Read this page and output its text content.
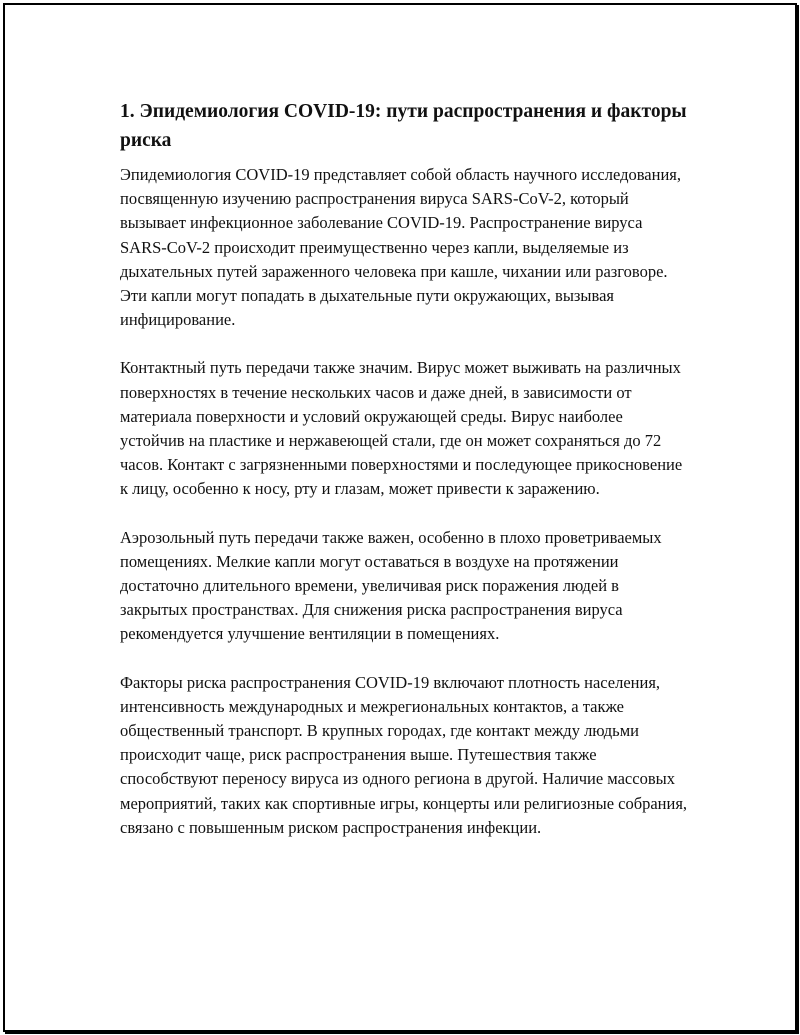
1. Эпидемиология COVID-19: пути распространения и факторы риска

Эпидемиология COVID-19 представляет собой область научного исследования, посвященную изучению распространения вируса SARS-CoV-2, который вызывает инфекционное заболевание COVID-19. Распространение вируса SARS-CoV-2 происходит преимущественно через капли, выделяемые из дыхательных путей зараженного человека при кашле, чихании или разговоре. Эти капли могут попадать в дыхательные пути окружающих, вызывая инфицирование.

Контактный путь передачи также значим. Вирус может выживать на различных поверхностях в течение нескольких часов и даже дней, в зависимости от материала поверхности и условий окружающей среды. Вирус наиболее устойчив на пластике и нержавеющей стали, где он может сохраняться до 72 часов. Контакт с загрязненными поверхностями и последующее прикосновение к лицу, особенно к носу, рту и глазам, может привести к заражению.

Аэрозольный путь передачи также важен, особенно в плохо проветриваемых помещениях. Мелкие капли могут оставаться в воздухе на протяжении достаточно длительного времени, увеличивая риск поражения людей в закрытых пространствах. Для снижения риска распространения вируса рекомендуется улучшение вентиляции в помещениях.

Факторы риска распространения COVID-19 включают плотность населения, интенсивность международных и межрегиональных контактов, а также общественный транспорт. В крупных городах, где контакт между людьми происходит чаще, риск распространения выше. Путешествия также способствуют переносу вируса из одного региона в другой. Наличие массовых мероприятий, таких как спортивные игры, концерты или религиозные собрания, связано с повышенным риском распространения инфекции.
